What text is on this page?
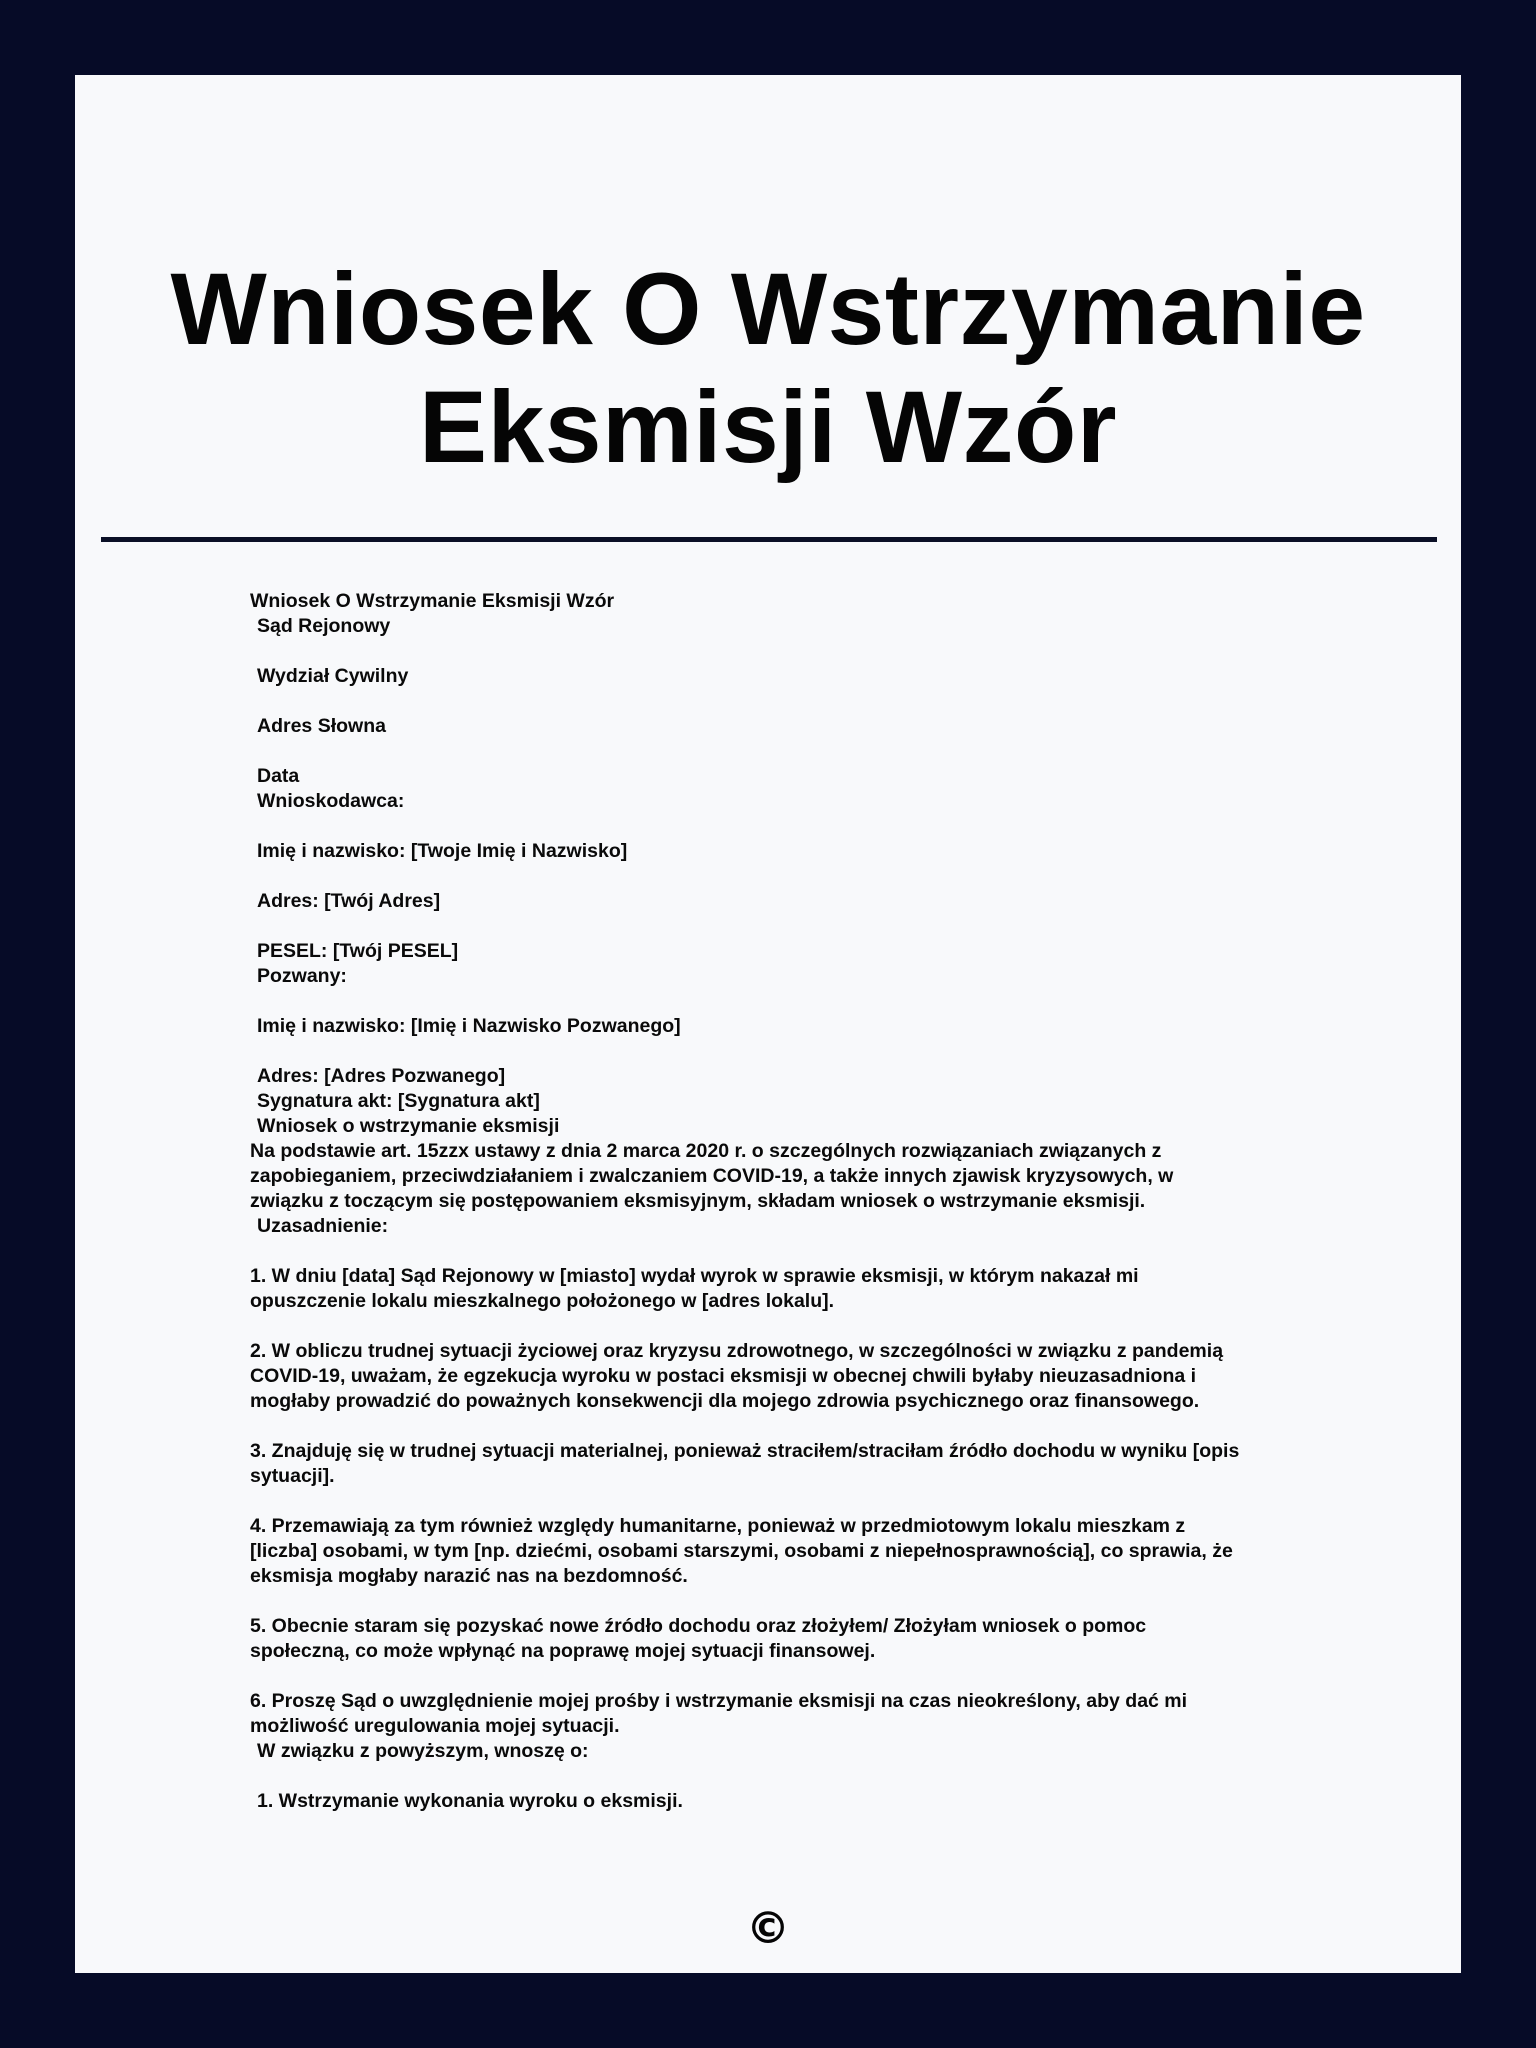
Wniosek O Wstrzymanie Eksmisji Wzór
Wniosek O Wstrzymanie Eksmisji Wzór
Sąd Rejonowy
Wydział Cywilny
Adres Słowna
Data
Wnioskodawca:
Imię i nazwisko: [Twoje Imię i Nazwisko]
Adres: [Twój Adres]
PESEL: [Twój PESEL]
Pozwany:
Imię i nazwisko: [Imię i Nazwisko Pozwanego]
Adres: [Adres Pozwanego]
Sygnatura akt: [Sygnatura akt]
Wniosek o wstrzymanie eksmisji
Na podstawie art. 15zzx ustawy z dnia 2 marca 2020 r. o szczególnych rozwiązaniach związanych z
zapobieganiem, przeciwdziałaniem i zwalczaniem COVID-19, a także innych zjawisk kryzysowych, w
związku z toczącym się postępowaniem eksmisyjnym, składam wniosek o wstrzymanie eksmisji.
Uzasadnienie:
1. W dniu [data] Sąd Rejonowy w [miasto] wydał wyrok w sprawie eksmisji, w którym nakazał mi
opuszczenie lokalu mieszkalnego położonego w [adres lokalu].
2. W obliczu trudnej sytuacji życiowej oraz kryzysu zdrowotnego, w szczególności w związku z pandemią
COVID-19, uważam, że egzekucja wyroku w postaci eksmisji w obecnej chwili byłaby nieuzasadniona i
mogłaby prowadzić do poważnych konsekwencji dla mojego zdrowia psychicznego oraz finansowego.
3. Znajduję się w trudnej sytuacji materialnej, ponieważ straciłem/straciłam źródło dochodu w wyniku [opis
sytuacji].
4. Przemawiają za tym również względy humanitarne, ponieważ w przedmiotowym lokalu mieszkam z
[liczba] osobami, w tym [np. dziećmi, osobami starszymi, osobami z niepełnosprawnością], co sprawia, że
eksmisja mogłaby narazić nas na bezdomność.
5. Obecnie staram się pozyskać nowe źródło dochodu oraz złożyłem/ Złożyłam wniosek o pomoc
społeczną, co może wpłynąć na poprawę mojej sytuacji finansowej.
6. Proszę Sąd o uwzględnienie mojej prośby i wstrzymanie eksmisji na czas nieokreślony, aby dać mi
możliwość uregulowania mojej sytuacji.
W związku z powyższym, wnoszę o:
1. Wstrzymanie wykonania wyroku o eksmisji.
©
